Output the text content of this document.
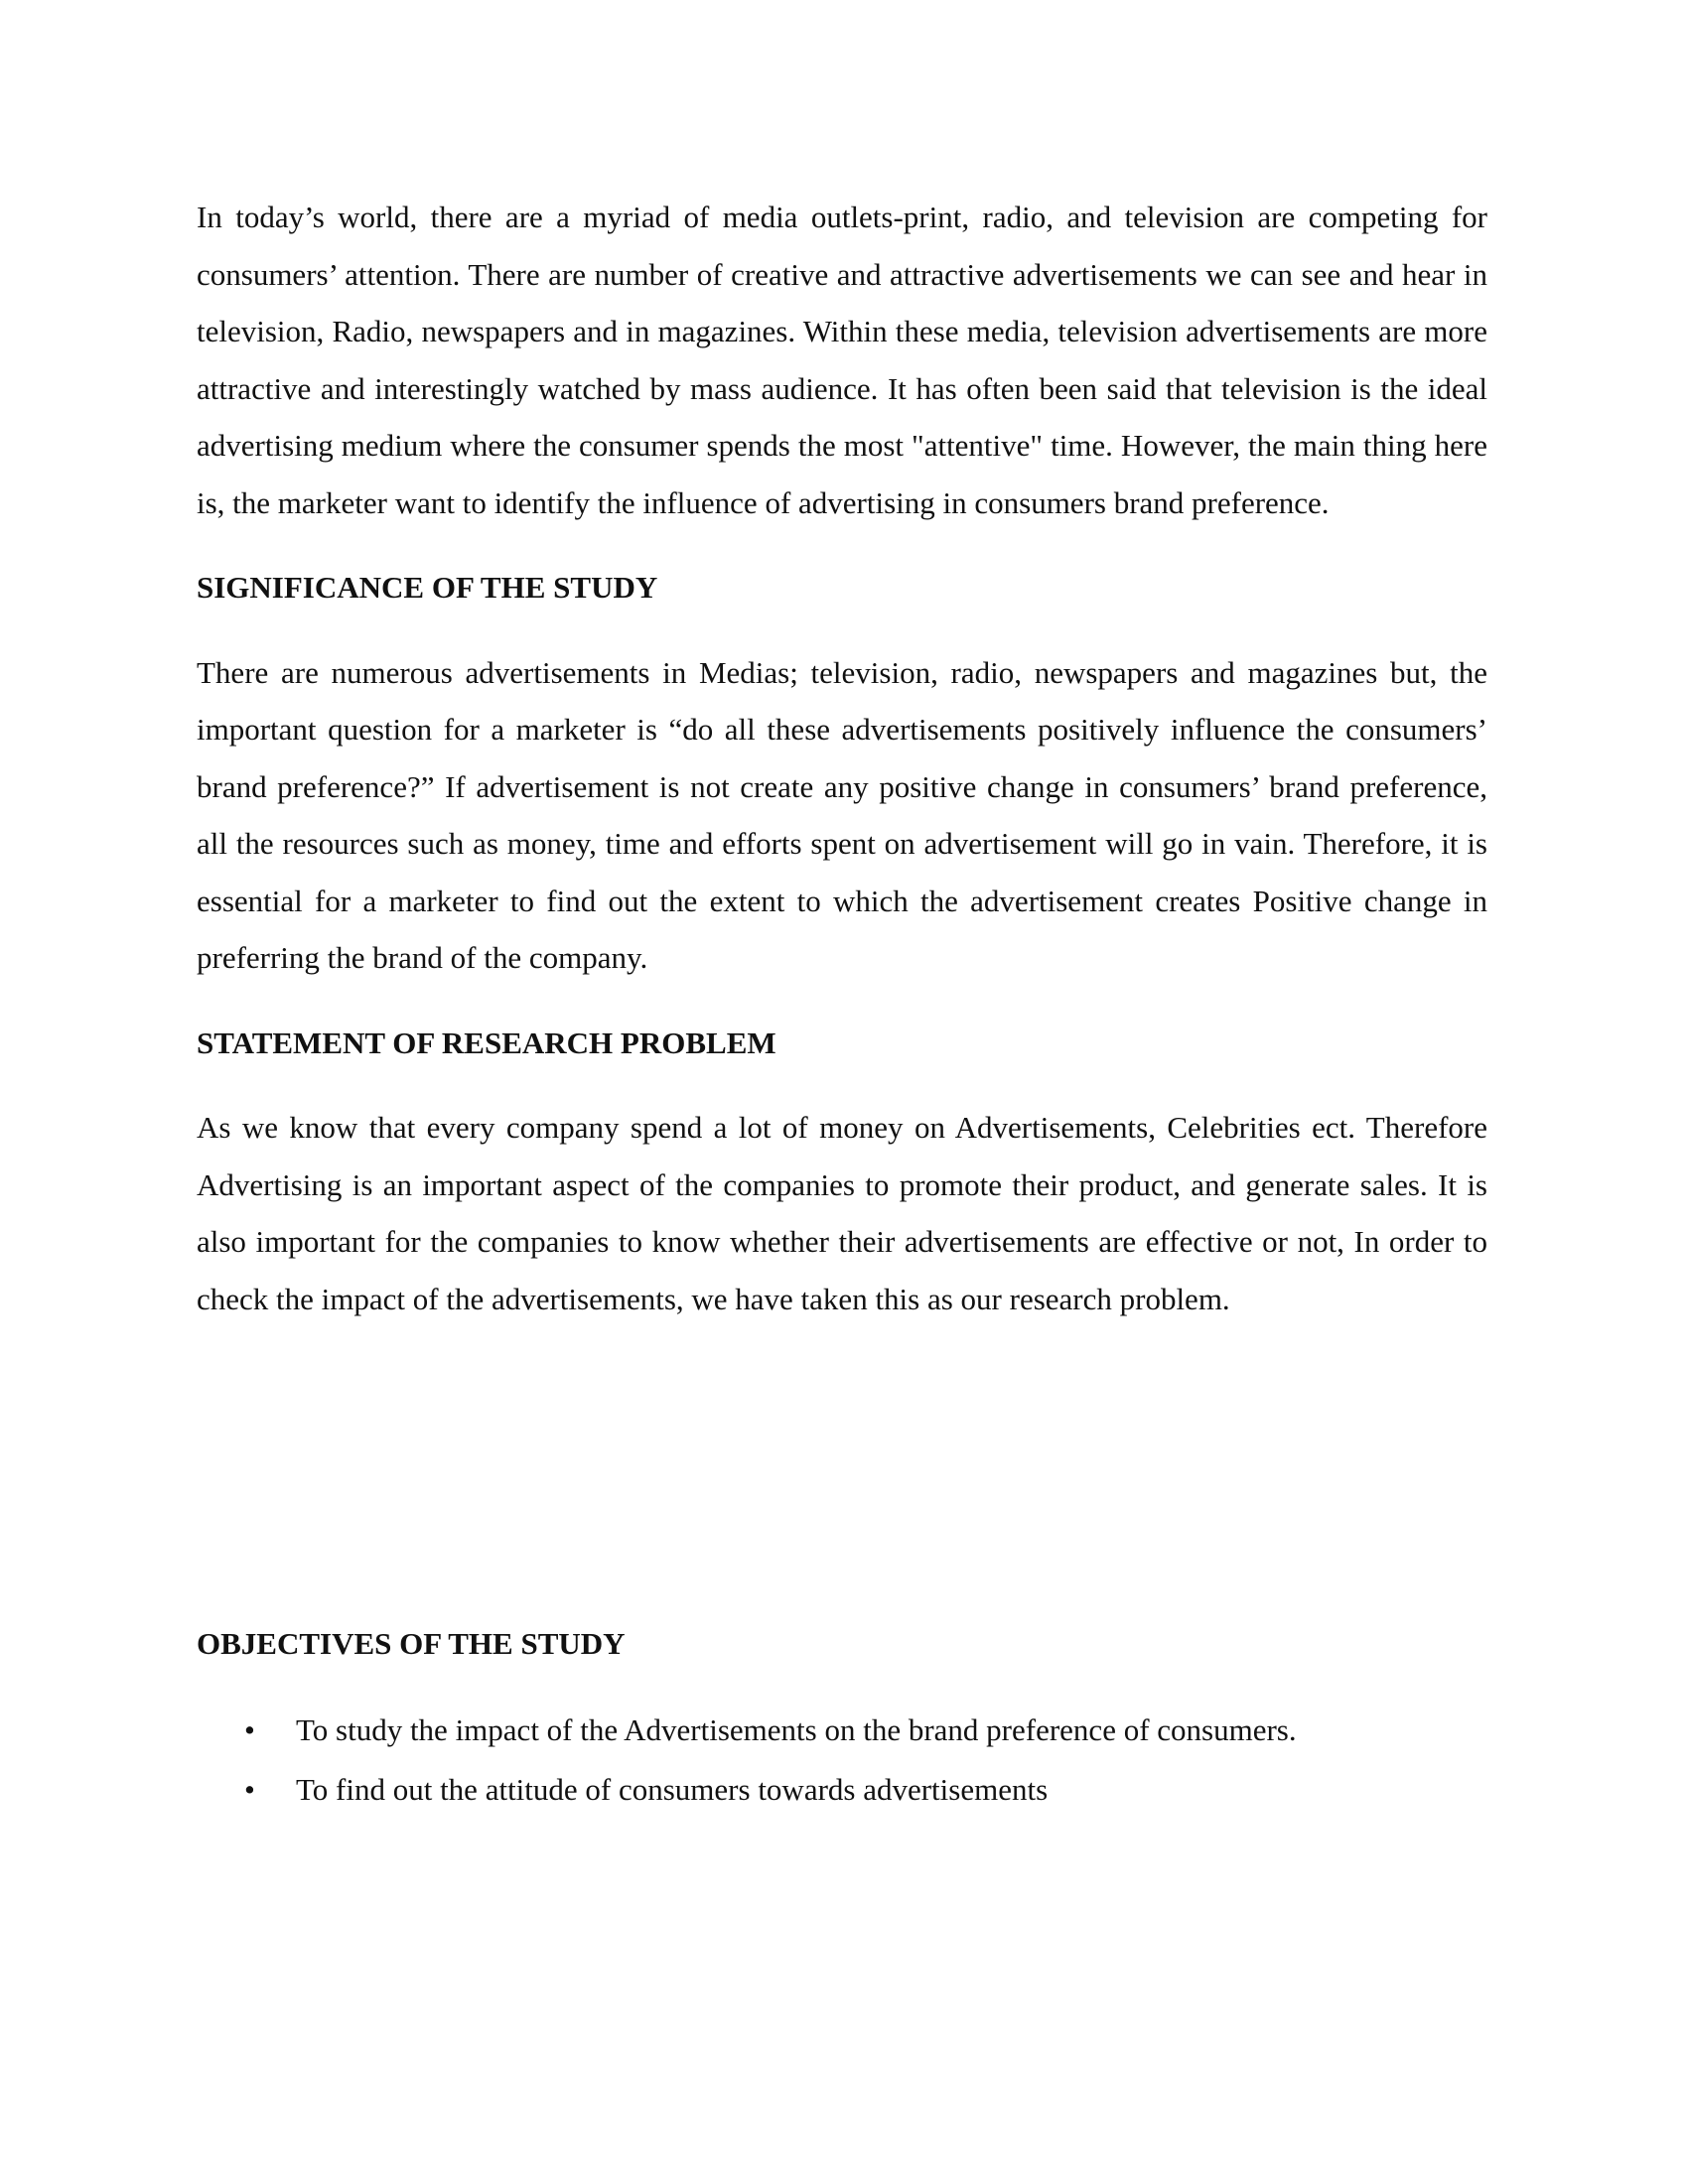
In today’s world, there are a myriad of media outlets-print, radio, and television are competing for consumers’ attention. There are number of creative and attractive advertisements we can see and hear in television, Radio, newspapers and in magazines. Within these media, television advertisements are more attractive and interestingly watched by mass audience. It has often been said that television is the ideal advertising medium where the consumer spends the most "attentive" time. However, the main thing here is, the marketer want to identify the influence of advertising in consumers brand preference.

SIGNIFICANCE OF THE STUDY

There are numerous advertisements in Medias; television, radio, newspapers and magazines but, the important question for a marketer is “do all these advertisements positively influence the consumers’ brand preference?” If advertisement is not create any positive change in consumers’ brand preference, all the resources such as money, time and efforts spent on advertisement will go in vain. Therefore, it is essential for a marketer to find out the extent to which the advertisement creates Positive change in preferring the brand of the company.

STATEMENT OF RESEARCH PROBLEM

As we know that every company spend a lot of money on Advertisements, Celebrities ect. Therefore Advertising is an important aspect of the companies to promote their product, and generate sales. It is also important for the companies to know whether their advertisements are effective or not, In order to check the impact of the advertisements, we have taken this as our research problem.

OBJECTIVES OF THE STUDY
• To study the impact of the Advertisements on the brand preference of consumers.
• To find out the attitude of consumers towards advertisements
